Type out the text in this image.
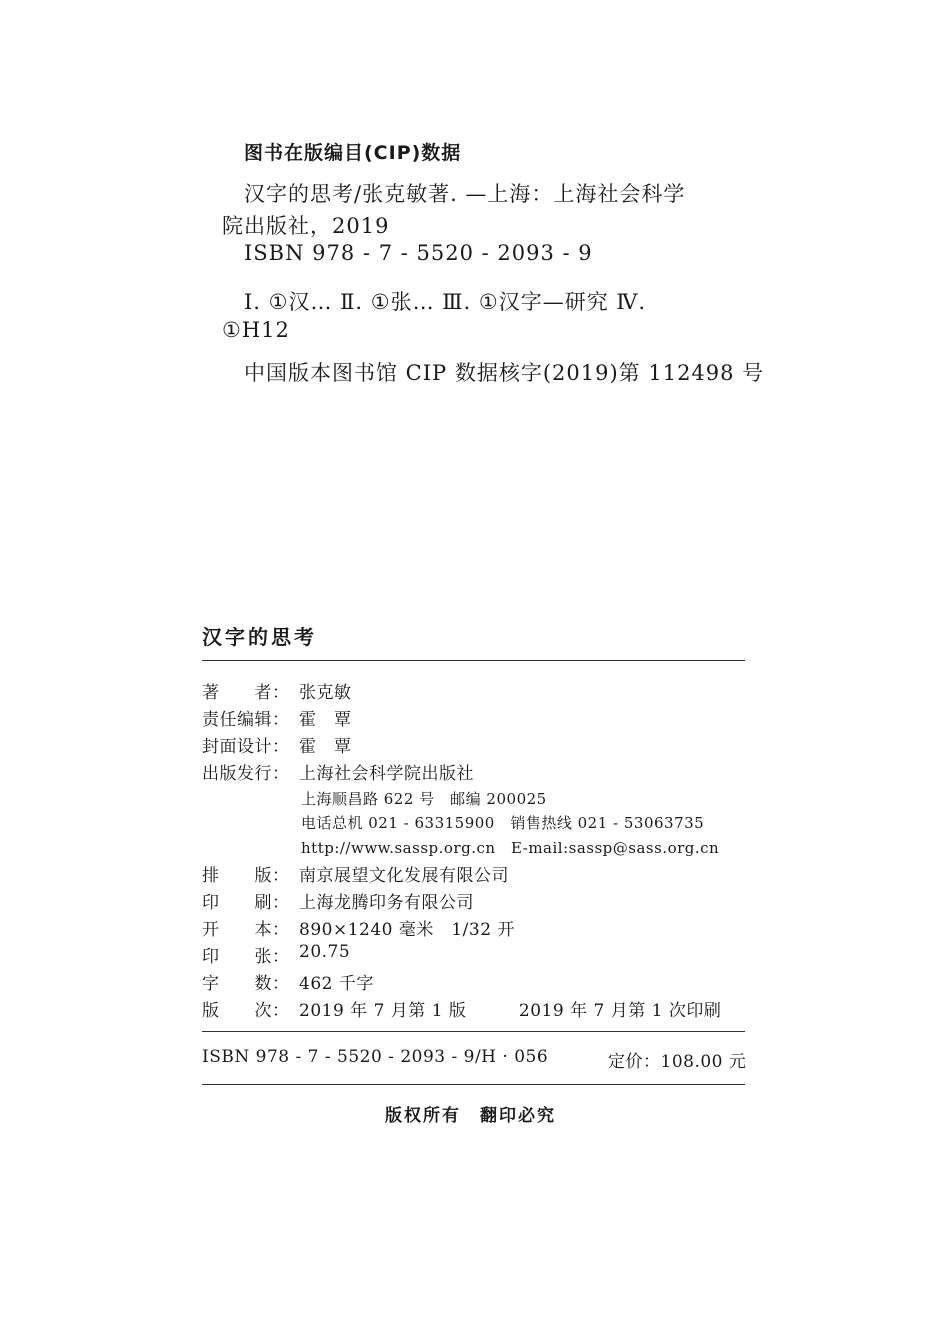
图书在版编目(CIP)数据
汉字的思考/张克敏著. —上海：上海社会科学
院出版社，2019
ISBN 978 - 7 - 5520 - 2093 - 9
Ⅰ. ①汉… Ⅱ. ①张… Ⅲ. ①汉字—研究 Ⅳ.
①H12
中国版本图书馆 CIP 数据核字(2019)第 112498 号
汉字的思考
著　　者： 张克敏
责任编辑： 霍　覃
封面设计： 霍　覃
出版发行： 上海社会科学院出版社
上海顺昌路 622 号　邮编 200025
电话总机 021 - 63315900　销售热线 021 - 53063735
http://www.sassp.org.cn　E-mail:sassp@sass.org.cn
排　　版： 南京展望文化发展有限公司
印　　刷： 上海龙腾印务有限公司
开　　本： 890×1240 毫米　1/32 开
印　　张： 20.75
字　　数： 462 千字
版　　次： 2019 年 7 月第 1 版　　　2019 年 7 月第 1 次印刷
ISBN 978 - 7 - 5520 - 2093 - 9/H · 056	定价：108.00 元
版权所有　翻印必究
